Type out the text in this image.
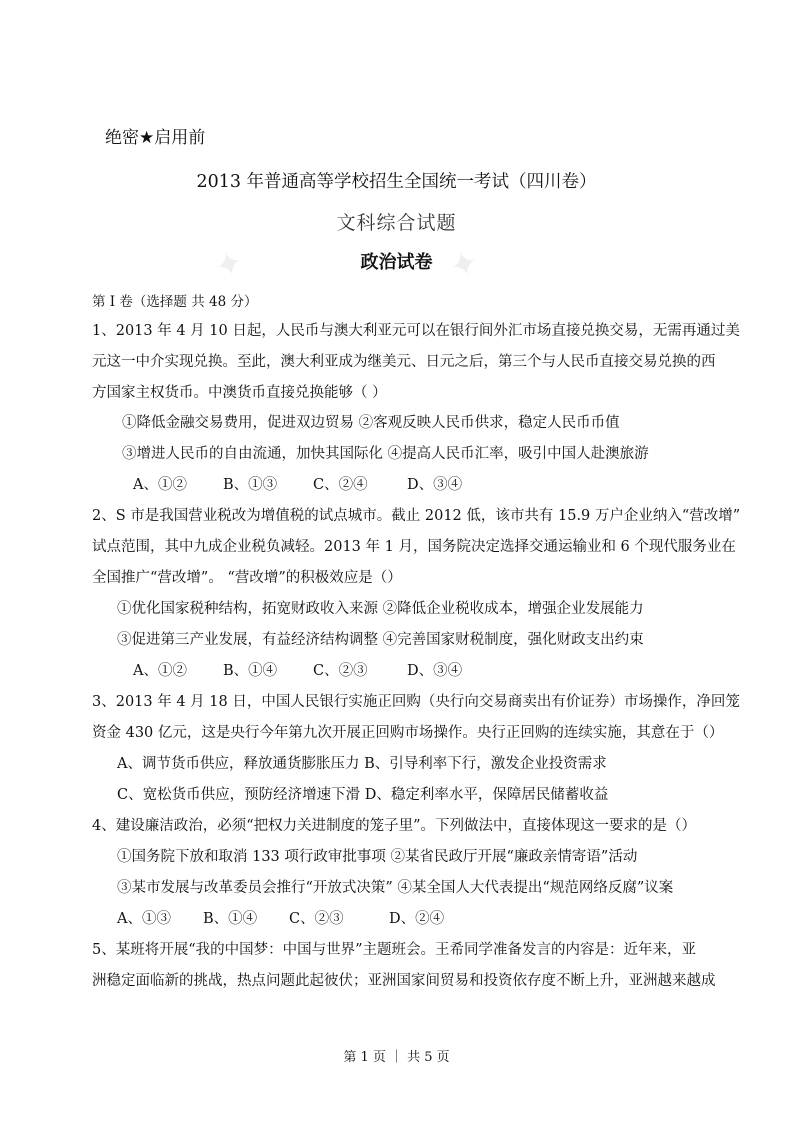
✦	✦
绝密★启用前
2013 年普通高等学校招生全国统一考试（四川卷）
文科综合试题
政治试卷
第 I 卷（选择题 共 48 分）
1、2013 年 4 月 10 日起，人民币与澳大利亚元可以在银行间外汇市场直接兑换交易，无需再通过美
元这一中介实现兑换。至此，澳大利亚成为继美元、日元之后，第三个与人民币直接交易兑换的西
方国家主权货币。中澳货币直接兑换能够（ ）
①降低金融交易费用，促进双边贸易 ②客观反映人民币供求，稳定人民币币值
③增进人民币的自由流通，加快其国际化 ④提高人民币汇率，吸引中国人赴澳旅游
A、①② B、①③ C、②④	D、③④
2、S 市是我国营业税改为增值税的试点城市。截止 2012 低，该市共有 15.9 万户企业纳入“营改增”
试点范围，其中九成企业税负减轻。2013 年 1 月，国务院决定选择交通运输业和 6 个现代服务业在
全国推广“营改增”。 “营改增”的积极效应是（）
①优化国家税种结构，拓宽财政收入来源 ②降低企业税收成本，增强企业发展能力
③促进第三产业发展，有益经济结构调整 ④完善国家财税制度，强化财政支出约束
A、①② B、①④ C、②③	D、③④
3、2013 年 4 月 18 日，中国人民银行实施正回购（央行向交易商卖出有价证券）市场操作，净回笼
资金 430 亿元，这是央行今年第九次开展正回购市场操作。央行正回购的连续实施，其意在于（）
A、调节货币供应，释放通货膨胀压力 B、引导利率下行，激发企业投资需求
C、宽松货币供应，预防经济增速下滑 D、稳定利率水平，保障居民储蓄收益
4、建设廉洁政治，必须“把权力关进制度的笼子里”。下列做法中，直接体现这一要求的是（）
①国务院下放和取消 133 项行政审批事项 ②某省民政厅开展“廉政亲情寄语”活动
③某市发展与改革委员会推行“开放式决策” ④某全国人大代表提出“规范网络反腐”议案
A、①③ B、①④ C、②③	D、②④
5、某班将开展“我的中国梦：中国与世界”主题班会。王希同学准备发言的内容是：近年来，亚
洲稳定面临新的挑战，热点问题此起彼伏；亚洲国家间贸易和投资依存度不断上升，亚洲越来越成
第 1 页 ｜ 共 5 页
